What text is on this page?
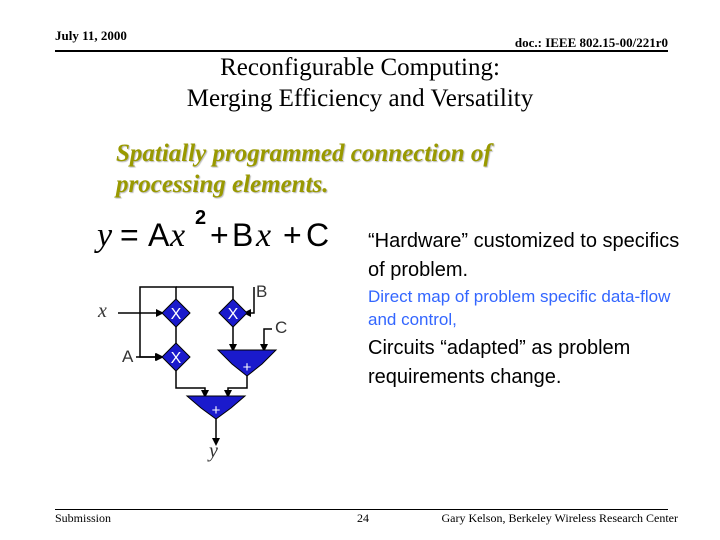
July 11, 2000	doc.: IEEE 802.15-00/221r0
Reconfigurable Computing:
Merging Efficiency and Versatility
Spatially programmed connection of
processing elements.
y = A x 2 + B x + C
x
A
B
C
y
X	X
X
+
+
“Hardware” customized to specifics of problem.
Direct map of problem specific data-flow and control,
Circuits “adapted” as problem requirements change.
Submission	24	Gary Kelson, Berkeley Wireless Research Center
